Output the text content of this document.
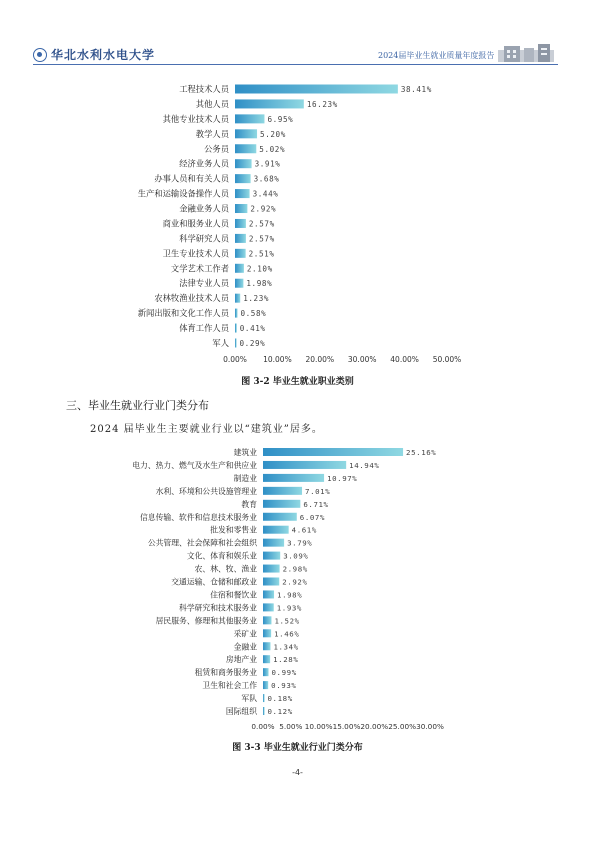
华北水利水电大学	2024届毕业生就业质量年度报告
工程技术人员	38.41%
其他人员	16.23%
其他专业技术人员	6.95%
教学人员	5.20%
公务员	5.02%
经济业务人员	3.91%
办事人员和有关人员	3.68%
生产和运输设备操作人员	3.44%
金融业务人员	2.92%
商业和服务业人员	2.57%
科学研究人员	2.57%
卫生专业技术人员	2.51%
文学艺术工作者 2.10%
法律专业人员 1.98%
农林牧渔业技术人员 1.23%
新闻出版和文化工作人员 0.58%
体育工作人员 0.41%
军人 0.29%
0.00% 10.00% 20.00% 30.00% 40.00% 50.00%
图 3-2 毕业生就业职业类别
三、毕业生就业行业门类分布
2024 届毕业生主要就业行业以“建筑业”居多。
建筑业	25.16%
电力、热力、燃气及水生产和供应业	14.94%
制造业	10.97%
水利、环境和公共设施管理业	7.01%
教育	6.71%
信息传输、软件和信息技术服务业	6.07%
批发和零售业	4.61%
公共管理、社会保障和社会组织	3.79%
文化、体育和娱乐业	3.09%
农、林、牧、渔业	2.98%
交通运输、仓储和邮政业	2.92%
住宿和餐饮业	1.98%
科学研究和技术服务业	1.93%
居民服务、修理和其他服务业 1.52%
采矿业 1.46%
金融业 1.34%
房地产业 1.28%
租赁和商务服务业 0.99%
卫生和社会工作 0.93%
军队 0.18%
国际组织 0.12%
0.00% 5.00% 10.00% 15.00% 20.00% 25.00% 30.00%
图 3-3 毕业生就业行业门类分布
-4-
